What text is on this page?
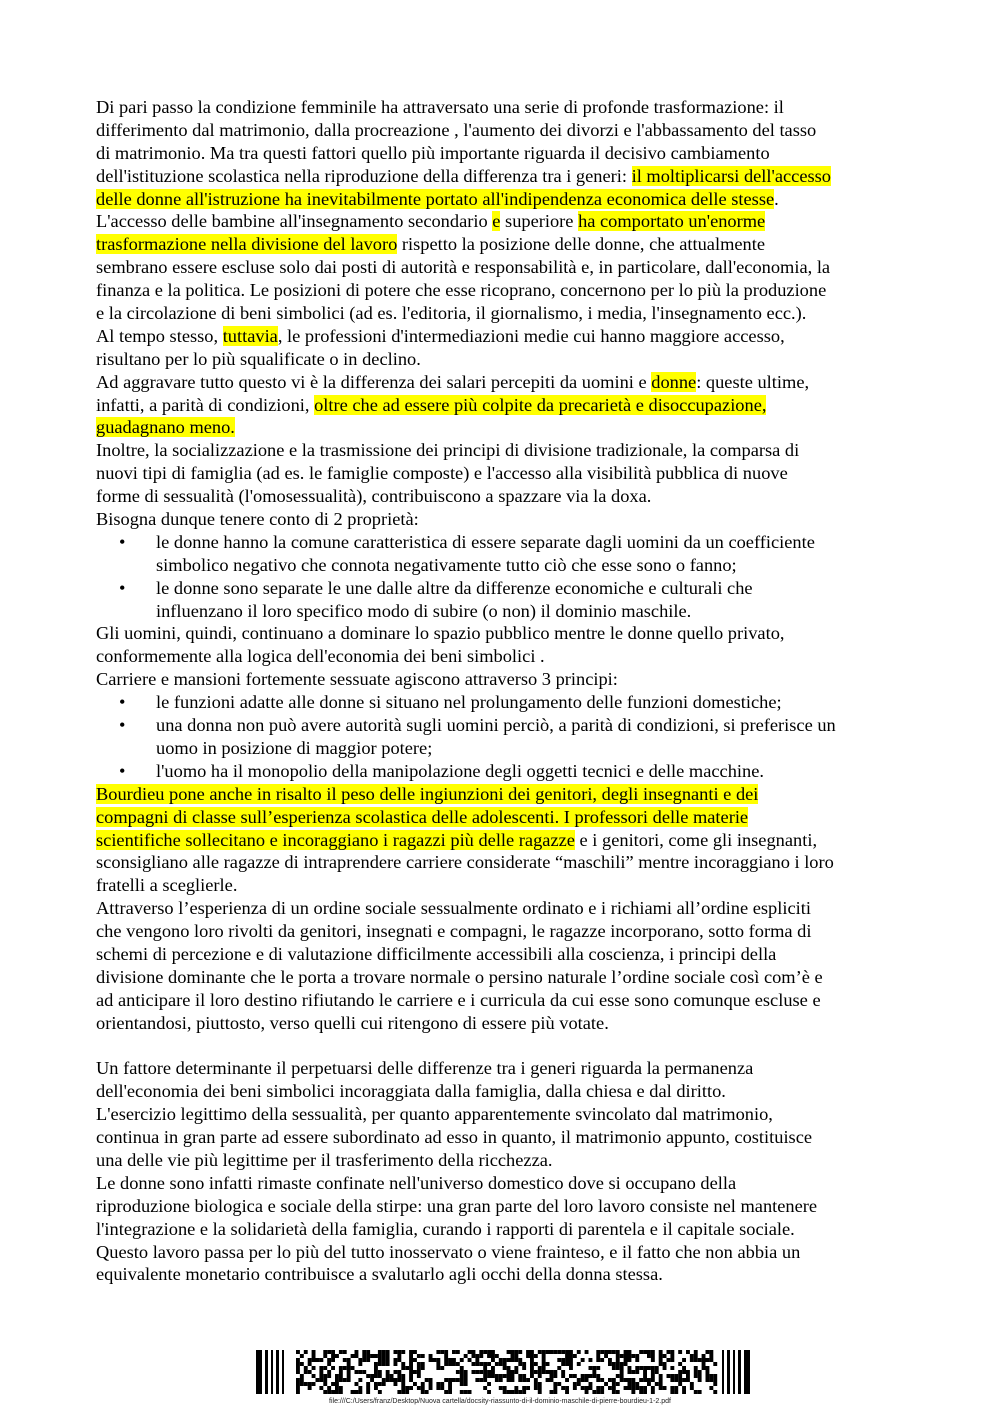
Di pari passo la condizione femminile ha attraversato una serie di profonde trasformazione: il
differimento dal matrimonio, dalla procreazione , l'aumento dei divorzi e l'abbassamento del tasso
di matrimonio. Ma tra questi fattori quello più importante riguarda il decisivo cambiamento
dell'istituzione scolastica nella riproduzione della differenza tra i generi: il moltiplicarsi dell'accesso
delle donne all'istruzione ha inevitabilmente portato all'indipendenza economica delle stesse.
L'accesso delle bambine all'insegnamento secondario e superiore ha comportato un'enorme
trasformazione nella divisione del lavoro rispetto la posizione delle donne, che attualmente
sembrano essere escluse solo dai posti di autorità e responsabilità e, in particolare, dall'economia, la
finanza e la politica. Le posizioni di potere che esse ricoprano, concernono per lo più la produzione
e la circolazione di beni simbolici (ad es. l'editoria, il giornalismo, i media, l'insegnamento ecc.).
Al tempo stesso, tuttavia, le professioni d'intermediazioni medie cui hanno maggiore accesso,
risultano per lo più squalificate o in declino.
Ad aggravare tutto questo vi è la differenza dei salari percepiti da uomini e donne: queste ultime,
infatti, a parità di condizioni, oltre che ad essere più colpite da precarietà e disoccupazione,
guadagnano meno.
Inoltre, la socializzazione e la trasmissione dei principi di divisione tradizionale, la comparsa di
nuovi tipi di famiglia (ad es. le famiglie composte) e l'accesso alla visibilità pubblica di nuove
forme di sessualità (l'omosessualità), contribuiscono a spazzare via la doxa.
Bisogna dunque tenere conto di 2 proprietà:
• le donne hanno la comune caratteristica di essere separate dagli uomini da un coefficiente
simbolico negativo che connota negativamente tutto ciò che esse sono o fanno;
• le donne sono separate le une dalle altre da differenze economiche e culturali che
influenzano il loro specifico modo di subire (o non) il dominio maschile.
Gli uomini, quindi, continuano a dominare lo spazio pubblico mentre le donne quello privato,
conformemente alla logica dell'economia dei beni simbolici .
Carriere e mansioni fortemente sessuate agiscono attraverso 3 principi:
• le funzioni adatte alle donne si situano nel prolungamento delle funzioni domestiche;
• una donna non può avere autorità sugli uomini perciò, a parità di condizioni, si preferisce un
uomo in posizione di maggior potere;
• l'uomo ha il monopolio della manipolazione degli oggetti tecnici e delle macchine.
Bourdieu pone anche in risalto il peso delle ingiunzioni dei genitori, degli insegnanti e dei
compagni di classe sull’esperienza scolastica delle adolescenti. I professori delle materie
scientifiche sollecitano e incoraggiano i ragazzi più delle ragazze e i genitori, come gli insegnanti,
sconsigliano alle ragazze di intraprendere carriere considerate “maschili” mentre incoraggiano i loro
fratelli a sceglierle.
Attraverso l’esperienza di un ordine sociale sessualmente ordinato e i richiami all’ordine espliciti
che vengono loro rivolti da genitori, insegnati e compagni, le ragazze incorporano, sotto forma di
schemi di percezione e di valutazione difficilmente accessibili alla coscienza, i principi della
divisione dominante che le porta a trovare normale o persino naturale l’ordine sociale così com’è e
ad anticipare il loro destino rifiutando le carriere e i curricula da cui esse sono comunque escluse e
orientandosi, piuttosto, verso quelli cui ritengono di essere più votate.
Un fattore determinante il perpetuarsi delle differenze tra i generi riguarda la permanenza
dell'economia dei beni simbolici incoraggiata dalla famiglia, dalla chiesa e dal diritto.
L'esercizio legittimo della sessualità, per quanto apparentemente svincolato dal matrimonio,
continua in gran parte ad essere subordinato ad esso in quanto, il matrimonio appunto, costituisce
una delle vie più legittime per il trasferimento della ricchezza.
Le donne sono infatti rimaste confinate nell'universo domestico dove si occupano della
riproduzione biologica e sociale della stirpe: una gran parte del loro lavoro consiste nel mantenere
l'integrazione e la solidarietà della famiglia, curando i rapporti di parentela e il capitale sociale.
Questo lavoro passa per lo più del tutto inosservato o viene frainteso, e il fatto che non abbia un
equivalente monetario contribuisce a svalutarlo agli occhi della donna stessa.
file:///C:/Users/franz/Desktop/Nuova cartella/docsity-riassunto-di-il-dominio-maschile-di-pierre-bourdieu-1-2.pdf
